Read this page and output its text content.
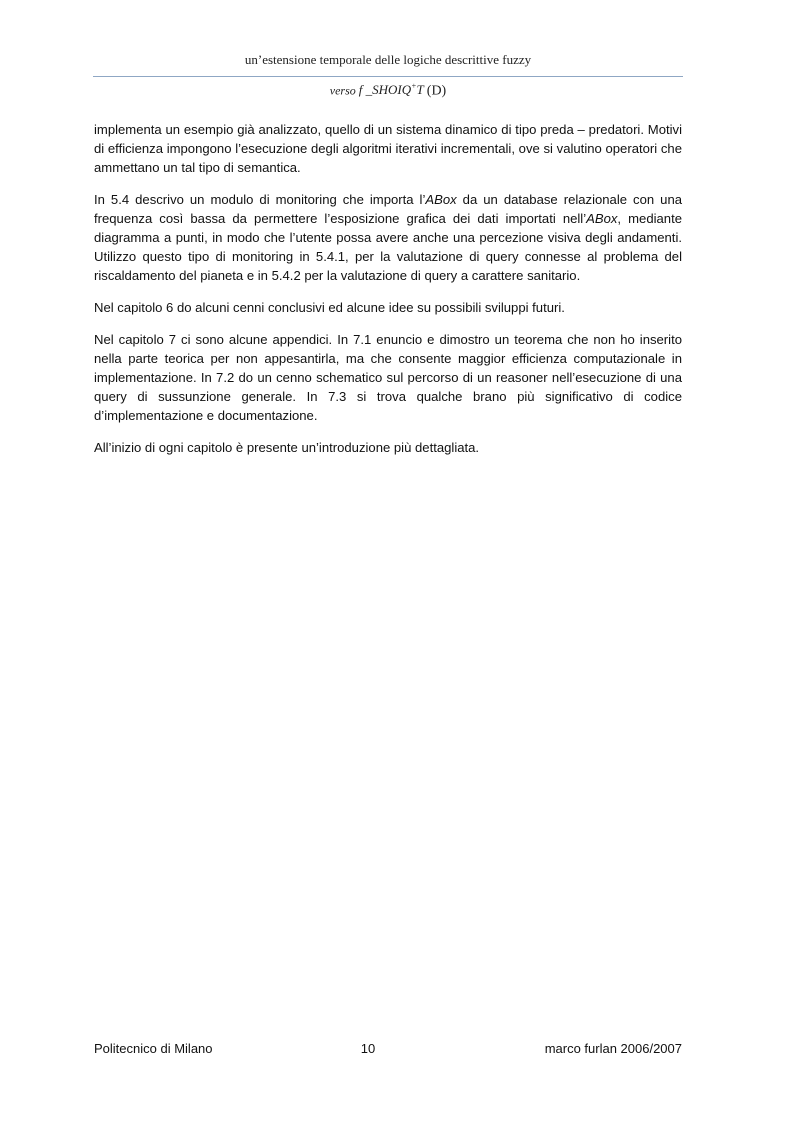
un’estensione temporale delle logiche descrittive fuzzy
verso f _SHOIQ+T (D)

implementa un esempio già analizzato, quello di un sistema dinamico di tipo preda – predatori. Motivi di efficienza impongono l’esecuzione degli algoritmi iterativi incrementali, ove si valutino operatori che ammettano un tal tipo di semantica.

In 5.4 descrivo un modulo di monitoring che importa l’ABox da un database relazionale con una frequenza così bassa da permettere l’esposizione grafica dei dati importati nell’ABox, mediante diagramma a punti, in modo che l’utente possa avere anche una percezione visiva degli andamenti. Utilizzo questo tipo di monitoring in 5.4.1, per la valutazione di query connesse al problema del riscaldamento del pianeta e in 5.4.2 per la valutazione di query a carattere sanitario.

Nel capitolo 6 do alcuni cenni conclusivi ed alcune idee su possibili sviluppi futuri.

Nel capitolo 7 ci sono alcune appendici. In 7.1 enuncio e dimostro un teorema che non ho inserito nella parte teorica per non appesantirla, ma che consente maggior efficienza computazionale in implementazione. In 7.2 do un cenno schematico sul percorso di un reasoner nell’esecuzione di una query di sussunzione generale. In 7.3 si trova qualche brano più significativo di codice d’implementazione e documentazione.

All’inizio di ogni capitolo è presente un’introduzione più dettagliata.

Politecnico di Milano	10	marco furlan 2006/2007
